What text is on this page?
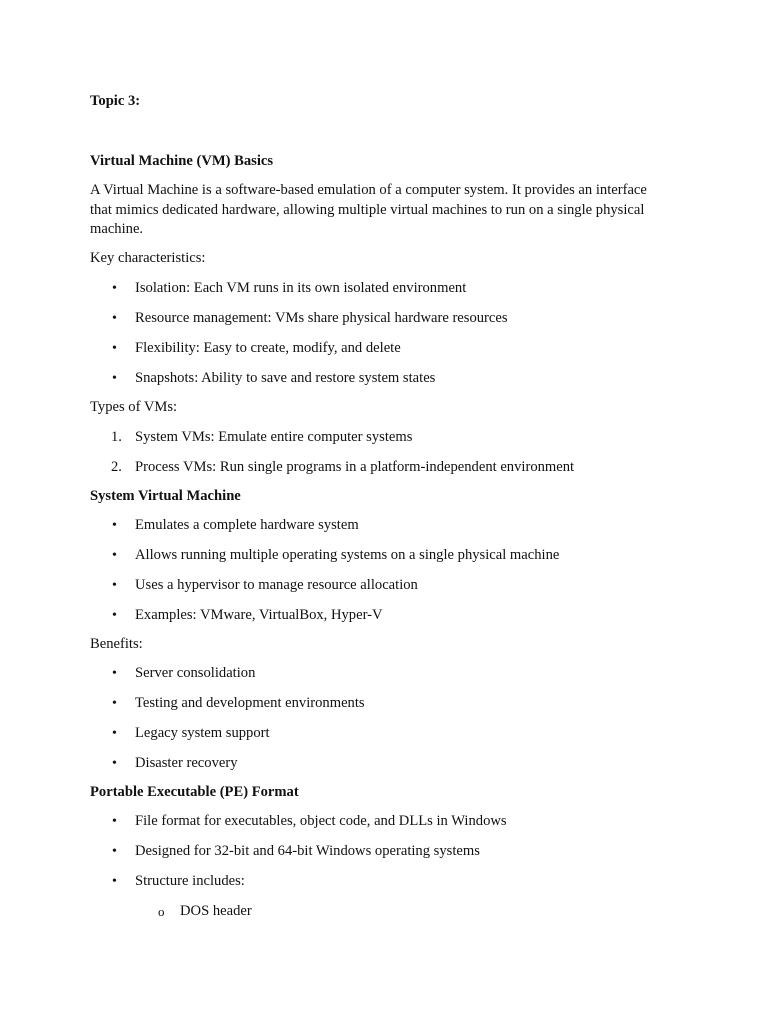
Topic 3:
Virtual Machine (VM) Basics
A Virtual Machine is a software-based emulation of a computer system. It provides an interface
that mimics dedicated hardware, allowing multiple virtual machines to run on a single physical
machine.
Key characteristics:
• Isolation: Each VM runs in its own isolated environment
• Resource management: VMs share physical hardware resources
• Flexibility: Easy to create, modify, and delete
• Snapshots: Ability to save and restore system states
Types of VMs:
1. System VMs: Emulate entire computer systems
2. Process VMs: Run single programs in a platform-independent environment
System Virtual Machine
• Emulates a complete hardware system
• Allows running multiple operating systems on a single physical machine
• Uses a hypervisor to manage resource allocation
• Examples: VMware, VirtualBox, Hyper-V
Benefits:
• Server consolidation
• Testing and development environments
• Legacy system support
• Disaster recovery
Portable Executable (PE) Format
• File format for executables, object code, and DLLs in Windows
• Designed for 32-bit and 64-bit Windows operating systems
• Structure includes:
o DOS header
